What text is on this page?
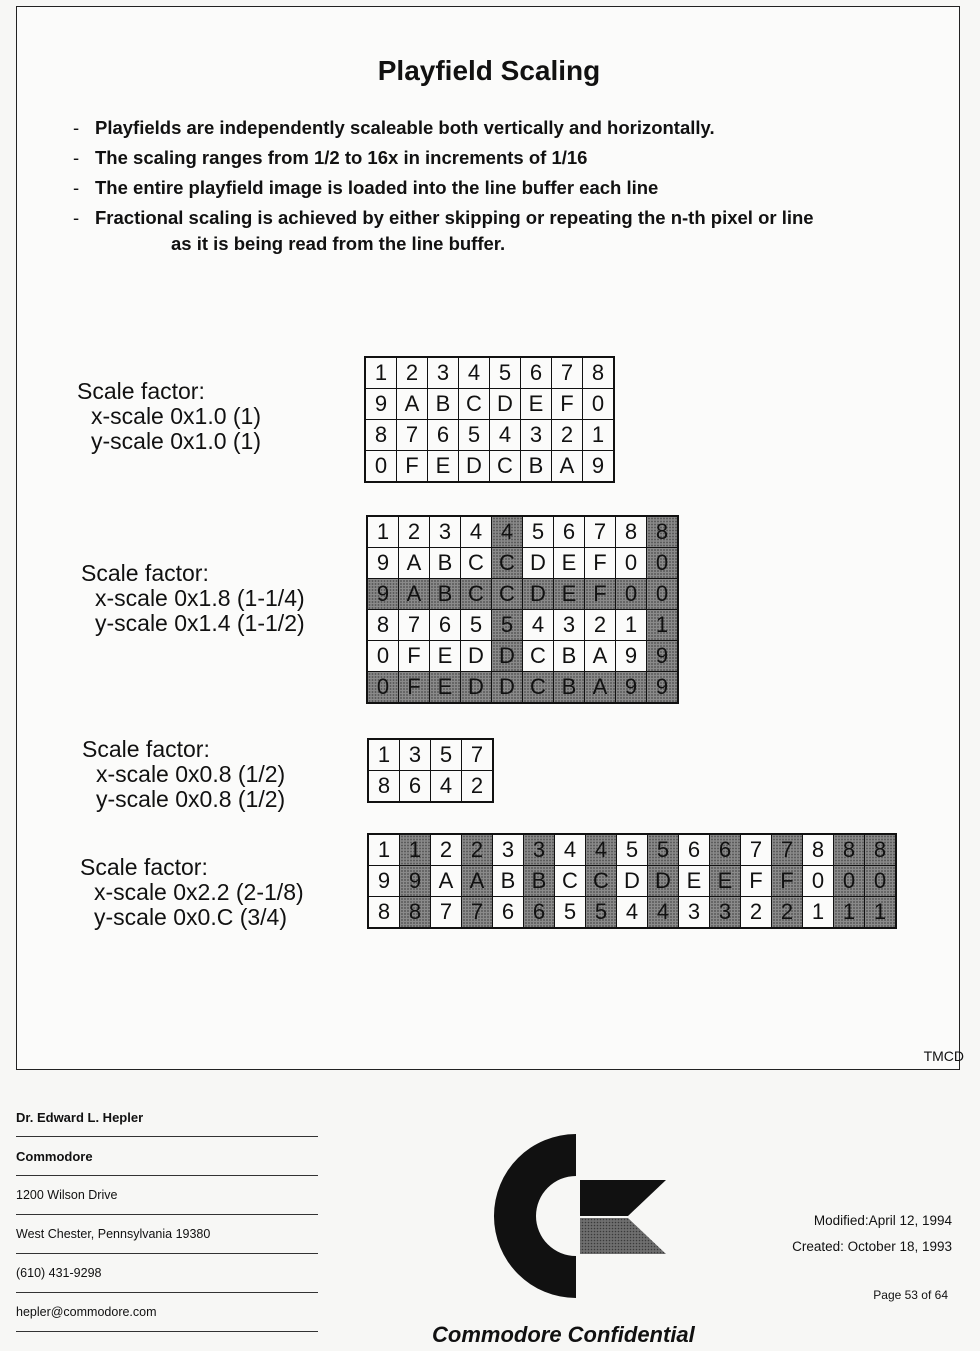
Playfield Scaling
- Playfields are independently scaleable both vertically and horizontally.
- The scaling ranges from 1/2 to 16x in increments of 1/16
- The entire playfield image is loaded into the line buffer each line
- Fractional scaling is achieved by either skipping or repeating the n-th pixel or line
as it is being read from the line buffer.
Scale factor:
x-scale 0x1.0 (1)
y-scale 0x1.0 (1)
1	2	3	4	5	6	7	8
9	A	B	C	D	E	F	0
8	7	6	5	4	3	2	1
0	F	E	D	C	B	A	9
Scale factor:
x-scale 0x1.8 (1-1/4)
y-scale 0x1.4 (1-1/2)
1	2	3	4	4	5	6	7	8	8
9	A	B	C	C	D	E	F	0	0
9	A	B	C	C	D	E	F	0	0
8	7	6	5	5	4	3	2	1	1
0	F	E	D	D	C	B	A	9	9
0	F	E	D	D	C	B	A	9	9
Scale factor:
x-scale 0x0.8 (1/2)
y-scale 0x0.8 (1/2)
1	3	5	7
8	6	4	2
Scale factor:
x-scale 0x2.2 (2-1/8)
y-scale 0x0.C (3/4)
1	1	2	2	3	3	4	4	5	5	6	6	7	7	8	8	8
9	9	A	A	B	B	C	C	D	D	E	E	F	F	0	0	0
8	8	7	7	6	6	5	5	4	4	3	3	2	2	1	1	1
TMCD
Dr. Edward L. Hepler
Commodore
1200 Wilson Drive
West Chester, Pennsylvania 19380
(610) 431-9298
hepler@commodore.com
Commodore Confidential
Modified:April 12, 1994
Created: October 18, 1993
Page 53 of 64
